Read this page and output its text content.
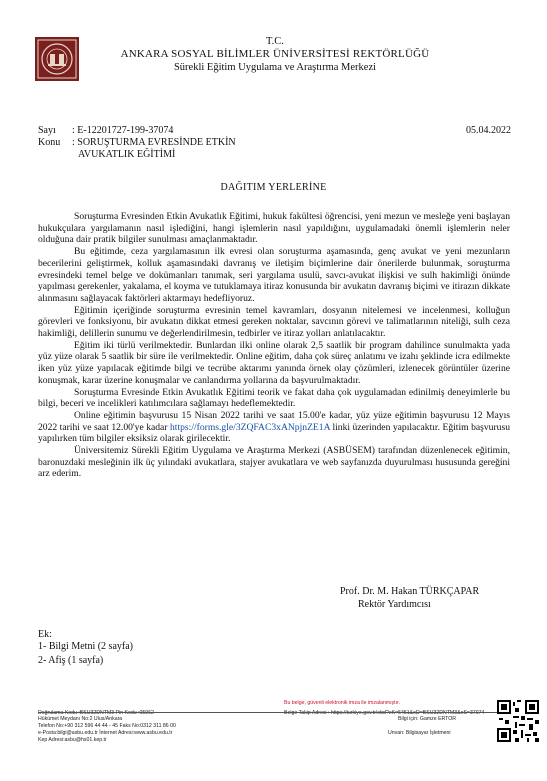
T.C.
ANKARA SOSYAL BİLİMLER ÜNİVERSİTESİ REKTÖRLÜĞÜ
Sürekli Eğitim Uygulama ve Araştırma Merkezi
Sayı : E-12201727-199-37074
Konu : SORUŞTURMA EVRESİNDE ETKİN
AVUKATLIK EĞİTİMİ
05.04.2022
DAĞITIM YERLERİNE

Soruşturma Evresinden Etkin Avukatlık Eğitimi, hukuk fakültesi öğrencisi, yeni mezun ve mesleğe yeni başlayan hukukçulara yargılamanın nasıl işlediğini, hangi işlemlerin nasıl yapıldığını, uygulamadaki önemli işlemlerin neler olduğuna dair pratik bilgiler sunulması amaçlanmaktadır.

Bu eğitimde, ceza yargılamasının ilk evresi olan soruşturma aşamasında, genç avukat ve yeni mezunların becerilerini geliştirmek, kolluk aşamasındaki davranış ve iletişim biçimlerine dair önerilerde bulunmak, soruşturma evresindeki temel belge ve dokümanları tanımak, seri yargılama usulü, savcı-avukat ilişkisi ve sulh hakimliği önünde yapılması gerekenler, yakalama, el koyma ve tutuklamaya itiraz konusunda bir avukatın davranış biçimi ve itirazın dikkate alınmasını sağlayacak faktörleri aktarmayı hedefliyoruz.

Eğitimin içeriğinde soruşturma evresinin temel kavramları, dosyanın nitelemesi ve incelenmesi, kolluğun görevleri ve fonksiyonu, bir avukatın dikkat etmesi gereken noktalar, savcının görevi ve talimatlarının niteliği, sulh ceza hakimliği, delillerin sunumu ve değerlendirilmesin, tedbirler ve itiraz yolları anlatılacaktır.

Eğitim iki türlü verilmektedir. Bunlardan ilki online olarak 2,5 saatlik bir program dahilince sunulmakta yada yüz yüze olarak 5 saatlik bir süre ile verilmektedir. Online eğitim, daha çok süreç anlatımı ve izahı şeklinde icra edilmekte iken yüz yüze yapılacak eğitimde bilgi ve tecrübe aktarımı yanında örnek olay çözümleri, izlenecek görüntüler üzerine konuşmak, karar üzerine konuşmalar ve canlandırma yollarına da başvurulmaktadır.

Soruşturma Evresinde Etkin Avukatlık Eğitimi teorik ve fakat daha çok uygulamadan edinilmiş deneyimlerle bu bilgi, beceri ve incelikleri katılımcılara sağlamayı hedeflemektedir.

Online eğitimin başvurusu 15 Nisan 2022 tarihi ve saat 15.00'e kadar, yüz yüze eğitimin başvurusu 12 Mayıs 2022 tarihi ve saat 12.00'ye kadar https://forms.gle/3ZQFAC3xANpjnZE1A linki üzerinden yapılacaktır. Eğitim başvurusu yapılırken tüm bilgiler eksiksiz olarak girilecektir.

Üniversitemiz Sürekli Eğitim Uygulama ve Araştırma Merkezi (ASBÜSEM) tarafından düzenlenecek eğitimin, baronuzdaki mesleğinin ilk üç yılındaki avukatlara, stajyer avukatlara ve web sayfanızda duyurulması hususunda gereğini arz ederim.

Prof. Dr. M. Hakan TÜRKÇAPAR
Rektör Yardımcısı
Ek:
1- Bilgi Metni (2 sayfa)
2- Afiş (1 sayfa)
Bu belge, güvenli elektronik imza ile imzalanmıştır.
Doğrulama Kodu :BSU32DNTM3 Pin Kodu :05962	Belge Takip Adresi : https://turkiye.gov.tr/ebd?eK=5451&eD=BSU32DNTM3&eS=37074
Hükümet Meydanı No:2 Ulus/Ankara
Telefon No:+90 312 596 44 44 - 45 Faks No:0312 311 86 00
e-Posta:bilgi@asbu.edu.tr İnternet Adresi:www.asbu.edu.tr
Kep Adresi:asbu@hs01.kep.tr
Bilgi için: Gamze ERTOR
Unvan: Bilgisayar İşletmeni
